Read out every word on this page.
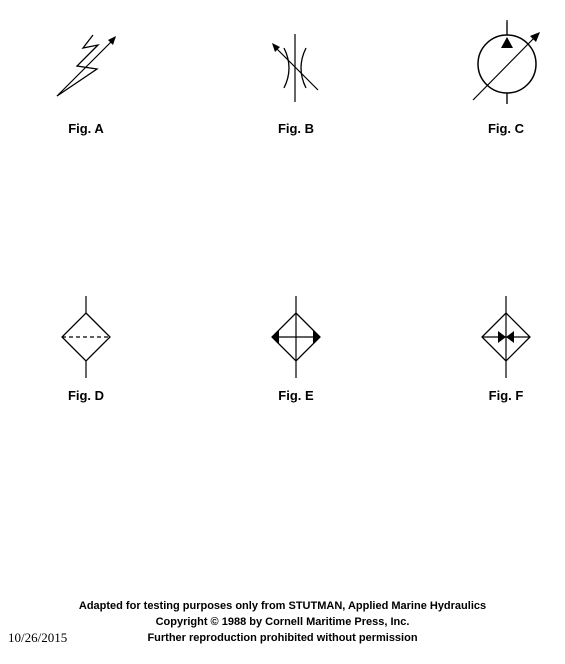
Fig. A	Fig. B	Fig. C
Fig. D	Fig. E	Fig. F
Adapted for testing purposes only from STUTMAN, Applied Marine Hydraulics
Copyright © 1988 by Cornell Maritime Press, Inc.
Further reproduction prohibited without permission
10/26/2015
